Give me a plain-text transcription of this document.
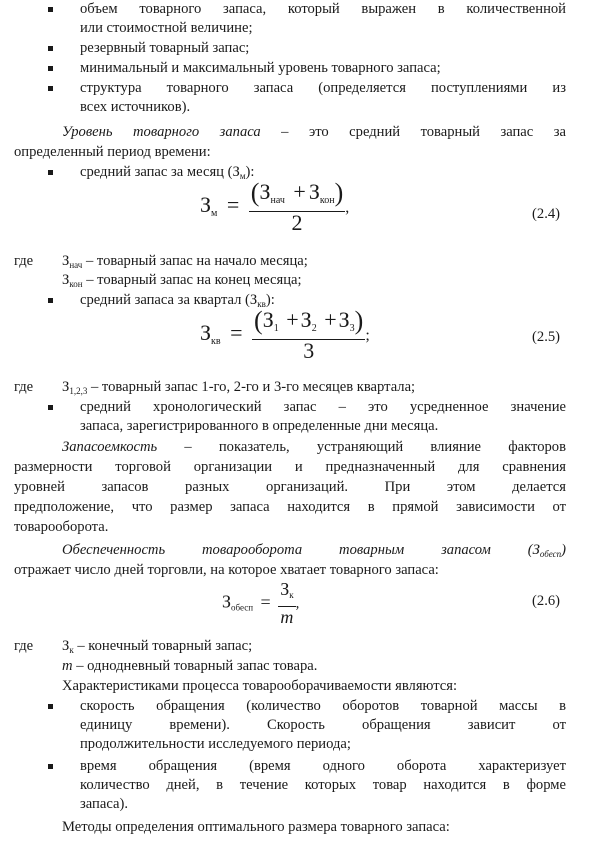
объем товарного запаса, который выражен в количественной
или стоимостной величине;
резервный товарный запас;
минимальный и максимальный уровень товарного запаса;
структура товарного запаса (определяется поступлениями из
всех источников).
Уровень товарного запаса – это средний товарный запас за
определенный период времени:
средний запас за месяц $(З_м)$:
$З_м = \frac{(З_{нач} + З_{кон})}{2}$ ,	(2.4)
где $З_{нач}$ – товарный запас на начало месяца;
$З_{кон}$ – товарный запас на конец месяца;
средний запаса за квартал $(З_{кв})$:
$З_{кв} = \frac{(З_1 +З_2 +З_3)}{3}$ ;	(2.5)
где $З_{1,2,3}$ – товарный запас 1-го, 2-го и 3-го месяцев квартала;
средний хронологический запас – это усредненное значение
запаса, зарегистрированного в определенные дни месяца.
Запасоемкость – показатель, устраняющий влияние факторов
размерности торговой организации и предназначенный для сравнения
уровней запасов разных организаций. При этом делается
предположение, что размер запаса находится в прямой зависимости от
товарооборота.
Обеспеченность товарооборота товарным запасом $(З_{обесп})$
отражает число дней торговли, на которое хватает товарного запаса:
Зобесп = $\frac{Зк}{m}$ ,	(2.6)
где $З_к$ – конечный товарный запас;
m – однодневный товарный запас товара.
Характеристиками процесса товарооборачиваемости являются:
скорость обращения (количество оборотов товарной массы в
единицу времени). Скорость обращения зависит от
продолжительности исследуемого периода;
время обращения (время одного оборота характеризует
количество дней, в течение которых товар находится в форме
запаса).
Методы определения оптимального размера товарного запаса:
